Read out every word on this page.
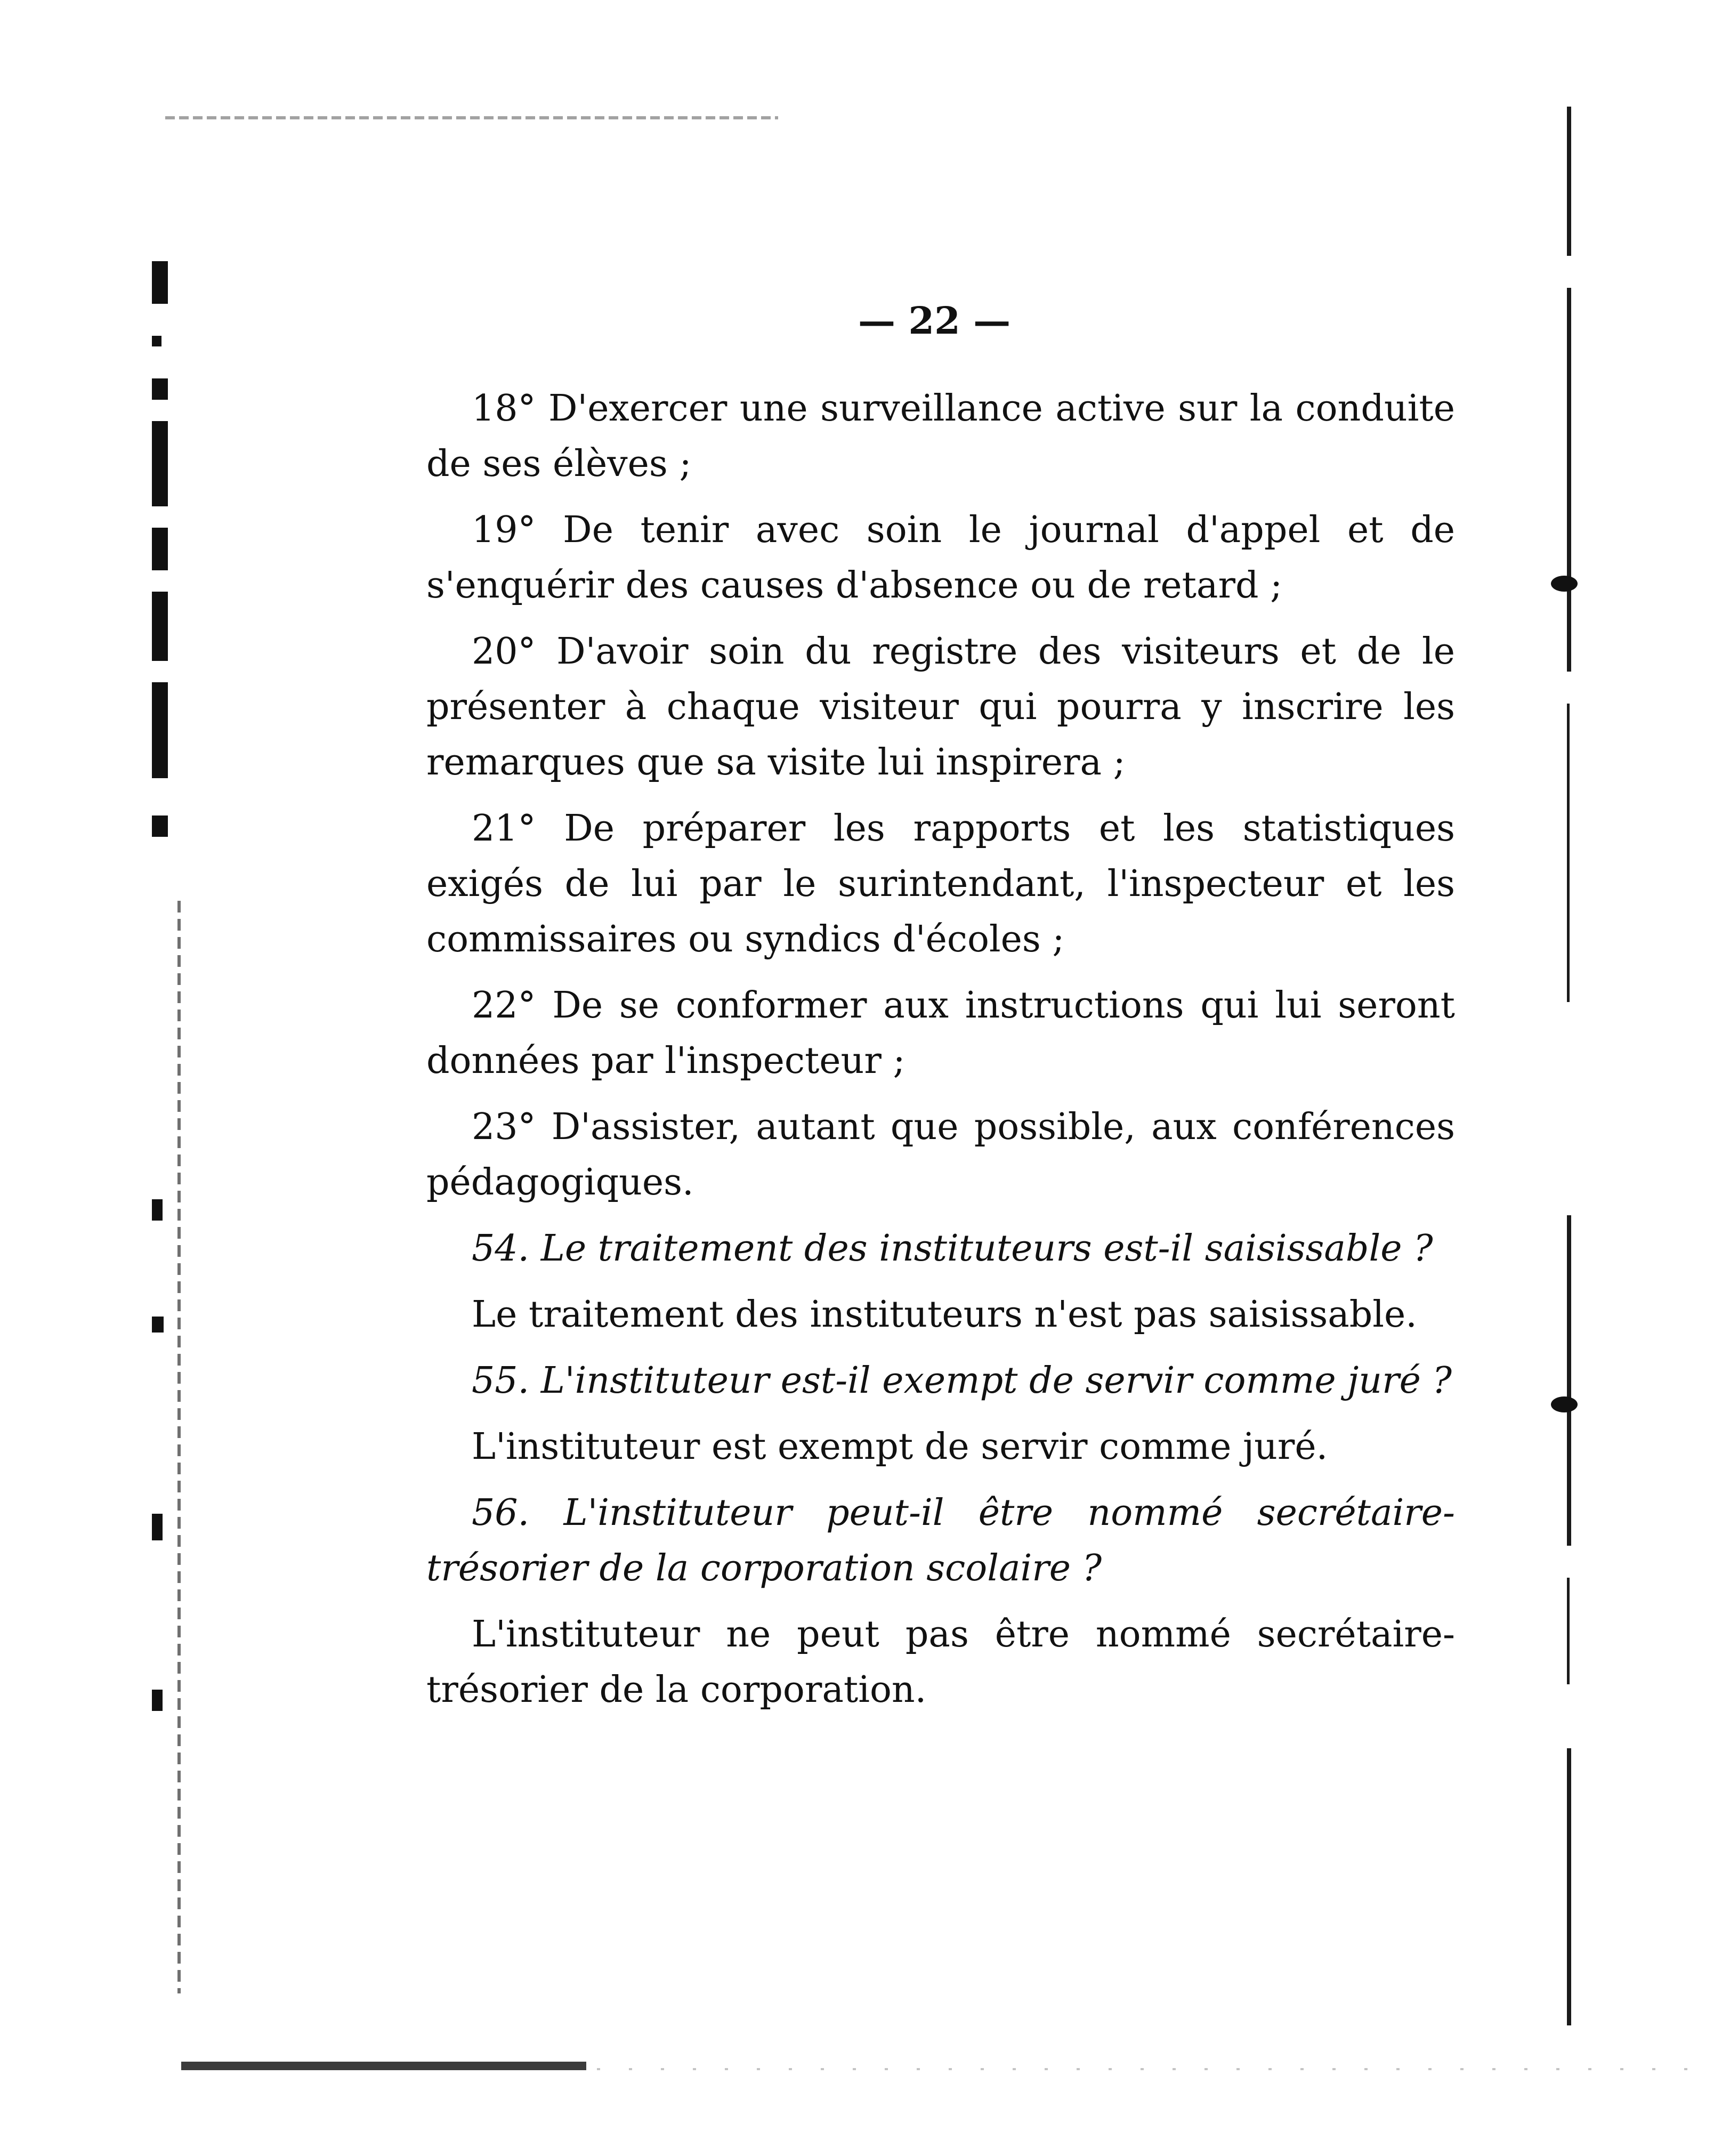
— 22 —

18° D'exercer une surveillance active sur la conduite de ses élèves ;

19° De tenir avec soin le journal d'appel et de s'enquérir des causes d'absence ou de retard ;

20° D'avoir soin du registre des visiteurs et de le présenter à chaque visiteur qui pourra y inscrire les remarques que sa visite lui inspirera ;

21° De préparer les rapports et les statistiques exigés de lui par le surintendant, l'inspecteur et les commissaires ou syndics d'écoles ;

22° De se conformer aux instructions qui lui seront données par l'inspecteur ;

23° D'assister, autant que possible, aux conférences pédagogiques.

54. Le traitement des instituteurs est-il saisissable ?

Le traitement des instituteurs n'est pas saisissable.

55. L'instituteur est-il exempt de servir comme juré ?

L'instituteur est exempt de servir comme juré.

56. L'instituteur peut-il être nommé secrétaire-trésorier de la corporation scolaire ?

L'instituteur ne peut pas être nommé secrétaire-trésorier de la corporation.
